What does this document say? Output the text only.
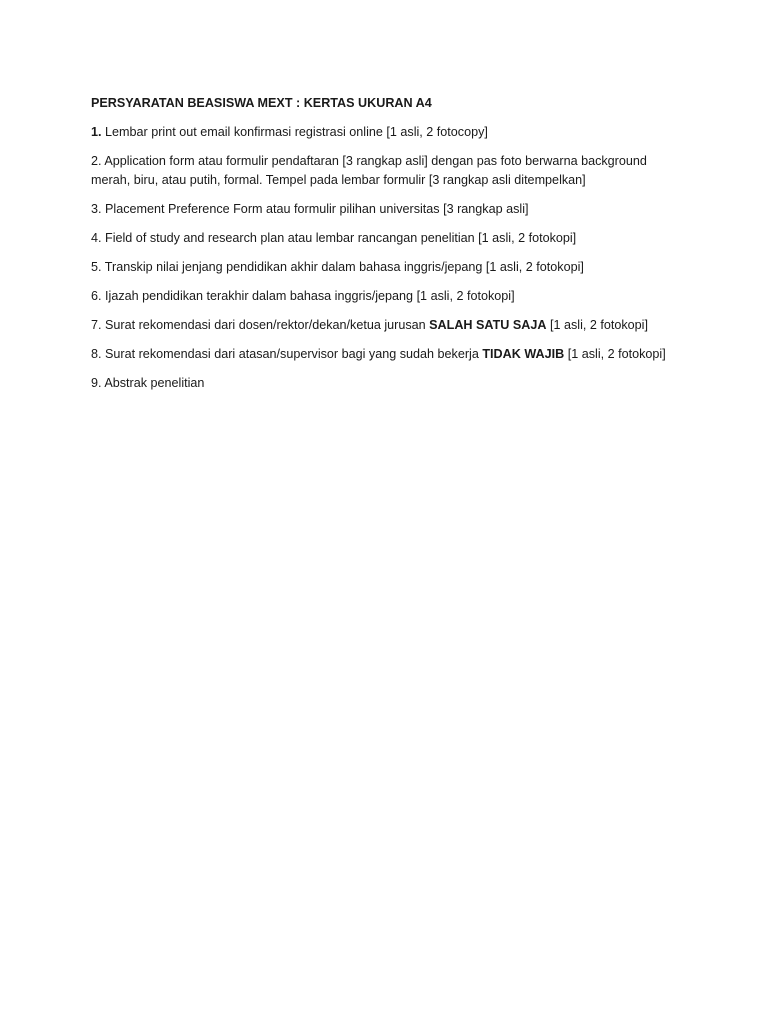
PERSYARATAN BEASISWA MEXT : KERTAS UKURAN A4

1. Lembar print out email konfirmasi registrasi online [1 asli, 2 fotocopy]

2. Application form atau formulir pendaftaran [3 rangkap asli] dengan pas foto berwarna background merah, biru, atau putih, formal. Tempel pada lembar formulir [3 rangkap asli ditempelkan]

3. Placement Preference Form atau formulir pilihan universitas [3 rangkap asli]

4. Field of study and research plan atau lembar rancangan penelitian [1 asli, 2 fotokopi]

5. Transkip nilai jenjang pendidikan akhir dalam bahasa inggris/jepang [1 asli, 2 fotokopi]

6. Ijazah pendidikan terakhir dalam bahasa inggris/jepang [1 asli, 2 fotokopi]

7. Surat rekomendasi dari dosen/rektor/dekan/ketua jurusan SALAH SATU SAJA [1 asli, 2 fotokopi]

8. Surat rekomendasi dari atasan/supervisor bagi yang sudah bekerja TIDAK WAJIB [1 asli, 2 fotokopi]

9. Abstrak penelitian
